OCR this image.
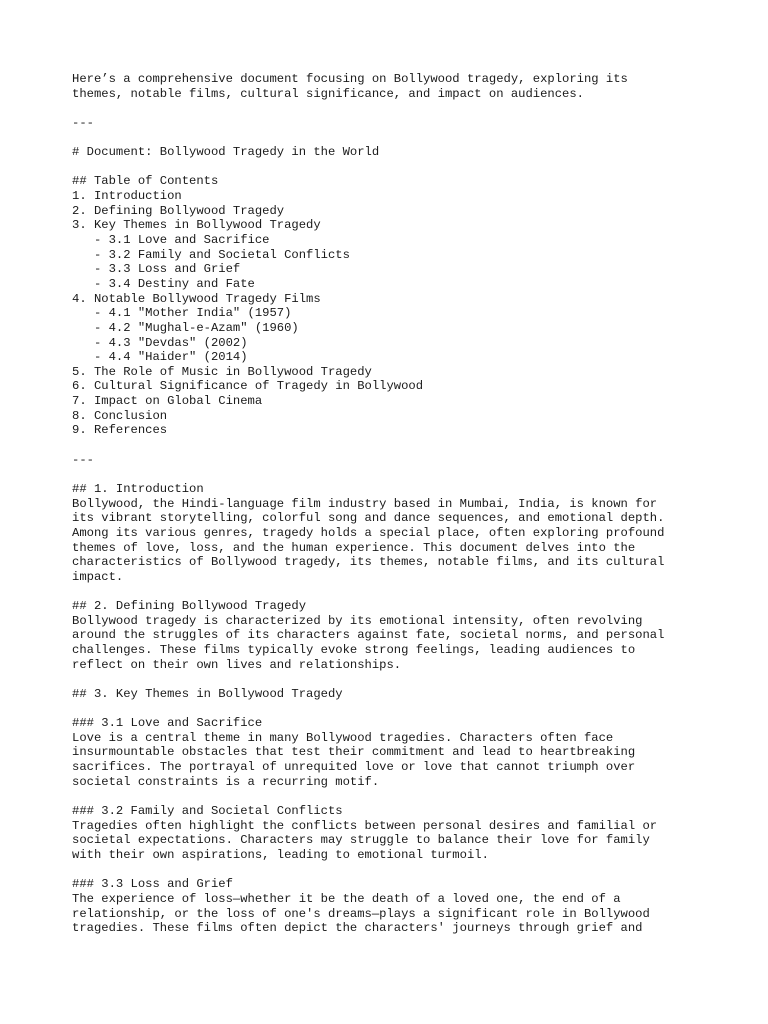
Here’s a comprehensive document focusing on Bollywood tragedy, exploring its
themes, notable films, cultural significance, and impact on audiences.

---

# Document: Bollywood Tragedy in the World

## Table of Contents
1. Introduction
2. Defining Bollywood Tragedy
3. Key Themes in Bollywood Tragedy
- 3.1 Love and Sacrifice
- 3.2 Family and Societal Conflicts
- 3.3 Loss and Grief
- 3.4 Destiny and Fate
4. Notable Bollywood Tragedy Films
- 4.1 "Mother India" (1957)
- 4.2 "Mughal-e-Azam" (1960)
- 4.3 "Devdas" (2002)
- 4.4 "Haider" (2014)
5. The Role of Music in Bollywood Tragedy
6. Cultural Significance of Tragedy in Bollywood
7. Impact on Global Cinema
8. Conclusion
9. References

---

## 1. Introduction
Bollywood, the Hindi-language film industry based in Mumbai, India, is known for
its vibrant storytelling, colorful song and dance sequences, and emotional depth.
Among its various genres, tragedy holds a special place, often exploring profound
themes of love, loss, and the human experience. This document delves into the
characteristics of Bollywood tragedy, its themes, notable films, and its cultural
impact.

## 2. Defining Bollywood Tragedy
Bollywood tragedy is characterized by its emotional intensity, often revolving
around the struggles of its characters against fate, societal norms, and personal
challenges. These films typically evoke strong feelings, leading audiences to
reflect on their own lives and relationships.

## 3. Key Themes in Bollywood Tragedy

### 3.1 Love and Sacrifice
Love is a central theme in many Bollywood tragedies. Characters often face
insurmountable obstacles that test their commitment and lead to heartbreaking
sacrifices. The portrayal of unrequited love or love that cannot triumph over
societal constraints is a recurring motif.

### 3.2 Family and Societal Conflicts
Tragedies often highlight the conflicts between personal desires and familial or
societal expectations. Characters may struggle to balance their love for family
with their own aspirations, leading to emotional turmoil.

### 3.3 Loss and Grief
The experience of loss—whether it be the death of a loved one, the end of a
relationship, or the loss of one's dreams—plays a significant role in Bollywood
tragedies. These films often depict the characters' journeys through grief and
